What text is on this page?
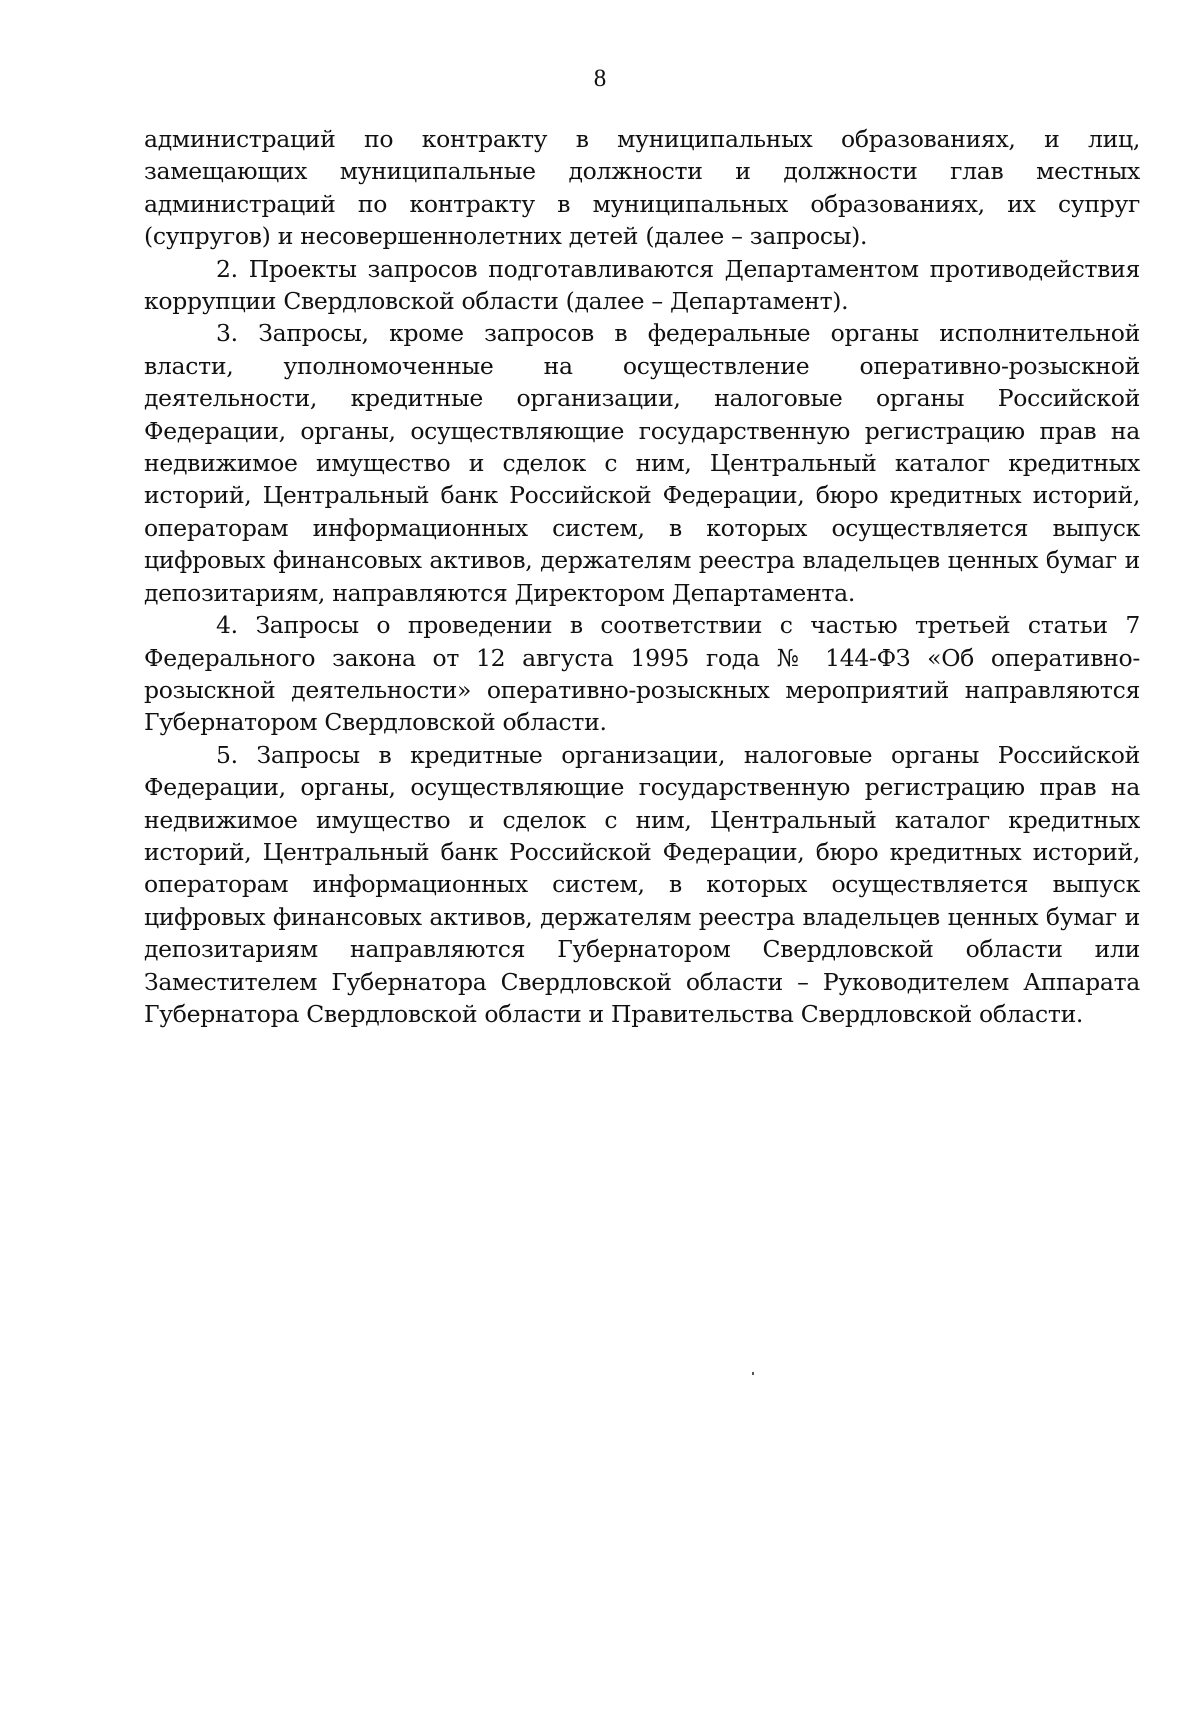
8

администраций по контракту в муниципальных образованиях, и лиц, замещающих муниципальные должности и должности глав местных администраций по контракту в муниципальных образованиях, их супруг (супругов) и несовершеннолетних детей (далее – запросы).

2. Проекты запросов подготавливаются Департаментом противодействия коррупции Свердловской области (далее – Департамент).

3. Запросы, кроме запросов в федеральные органы исполнительной власти, уполномоченные на осуществление оперативно-розыскной деятельности, кредитные организации, налоговые органы Российской Федерации, органы, осуществляющие государственную регистрацию прав на недвижимое имущество и сделок с ним, Центральный каталог кредитных историй, Центральный банк Российской Федерации, бюро кредитных историй, операторам информационных систем, в которых осуществляется выпуск цифровых финансовых активов, держателям реестра владельцев ценных бумаг и депозитариям, направляются Директором Департамента.

4. Запросы о проведении в соответствии с частью третьей статьи 7 Федерального закона от 12 августа 1995 года № 144-ФЗ «Об оперативно-розыскной деятельности» оперативно-розыскных мероприятий направляются Губернатором Свердловской области.

5. Запросы в кредитные организации, налоговые органы Российской Федерации, органы, осуществляющие государственную регистрацию прав на недвижимое имущество и сделок с ним, Центральный каталог кредитных историй, Центральный банк Российской Федерации, бюро кредитных историй, операторам информационных систем, в которых осуществляется выпуск цифровых финансовых активов, держателям реестра владельцев ценных бумаг и депозитариям направляются Губернатором Свердловской области или Заместителем Губернатора Свердловской области – Руководителем Аппарата Губернатора Свердловской области и Правительства Свердловской области.
